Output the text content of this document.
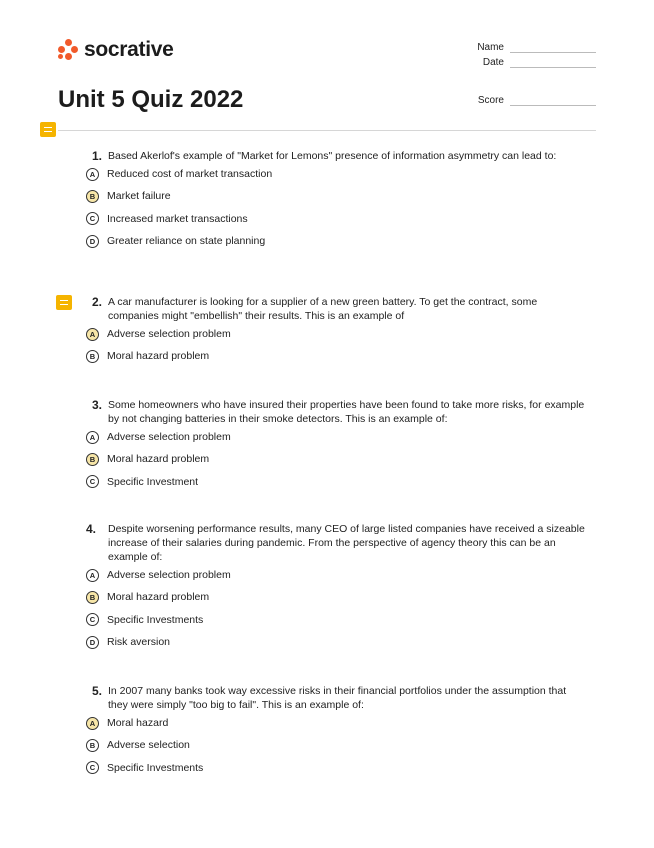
socrative	Name
Date
Score
Unit 5 Quiz 2022
1. Based Akerlof's example of "Market for Lemons" presence of information asymmetry can lead to:
A	Reduced cost of market transaction
B	Market failure
C	Increased market transactions
D	Greater reliance on state planning
2. A car manufacturer is looking for a supplier of a new green battery. To get the contract, some companies might "embellish" their results. This is an example of
A	Adverse selection problem
B	Moral hazard problem
3. Some homeowners who have insured their properties have been found to take more risks, for example by not changing batteries in their smoke detectors. This is an example of:
A	Adverse selection problem
B	Moral hazard problem
C	Specific Investment
4.	Despite worsening performance results, many CEO of large listed companies have received a sizeable increase of their salaries during pandemic. From the perspective of agency theory this can be an example of:
A	Adverse selection problem
B	Moral hazard problem
C	Specific Investments
D	Risk aversion
5. In 2007 many banks took way excessive risks in their financial portfolios under the assumption that they were simply "too big to fail". This is an example of:
A	Moral hazard
B	Adverse selection
C	Specific Investments
